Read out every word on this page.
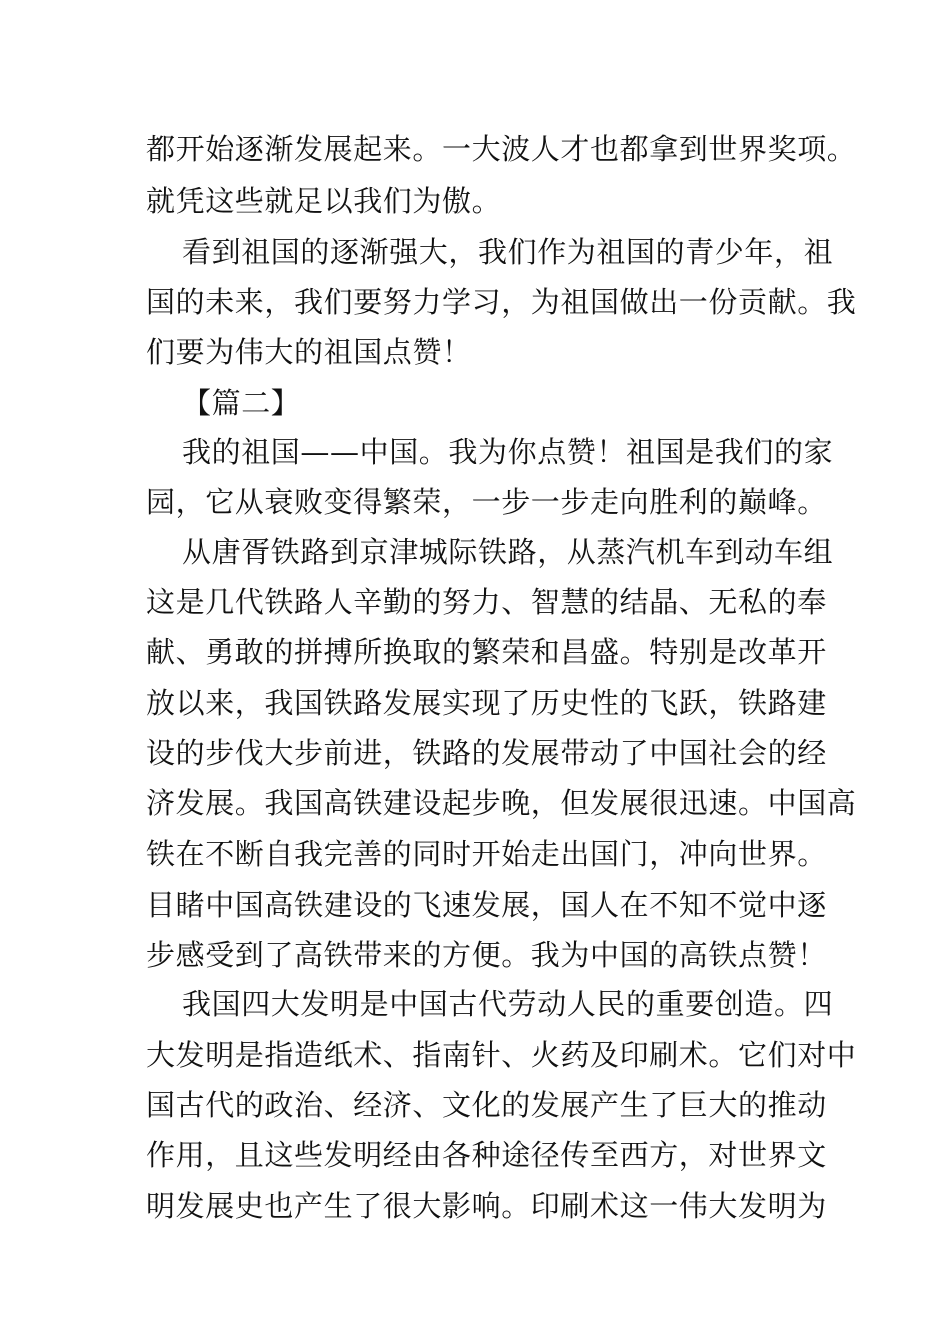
都开始逐渐发展起来。一大波人才也都拿到世界奖项。
就凭这些就足以我们为傲。
看到祖国的逐渐强大，我们作为祖国的青少年，祖
国的未来，我们要努力学习，为祖国做出一份贡献。我
们要为伟大的祖国点赞！
【篇二】
我的祖国——中国。我为你点赞！祖国是我们的家
园，它从衰败变得繁荣，一步一步走向胜利的巅峰。
从唐胥铁路到京津城际铁路，从蒸汽机车到动车组
这是几代铁路人辛勤的努力、智慧的结晶、无私的奉
献、勇敢的拼搏所换取的繁荣和昌盛。特别是改革开
放以来，我国铁路发展实现了历史性的飞跃，铁路建
设的步伐大步前进，铁路的发展带动了中国社会的经
济发展。我国高铁建设起步晚，但发展很迅速。中国高
铁在不断自我完善的同时开始走出国门，冲向世界。
目睹中国高铁建设的飞速发展，国人在不知不觉中逐
步感受到了高铁带来的方便。我为中国的高铁点赞！
我国四大发明是中国古代劳动人民的重要创造。四
大发明是指造纸术、指南针、火药及印刷术。它们对中
国古代的政治、经济、文化的发展产生了巨大的推动
作用，且这些发明经由各种途径传至西方，对世界文
明发展史也产生了很大影响。印刷术这一伟大发明为
